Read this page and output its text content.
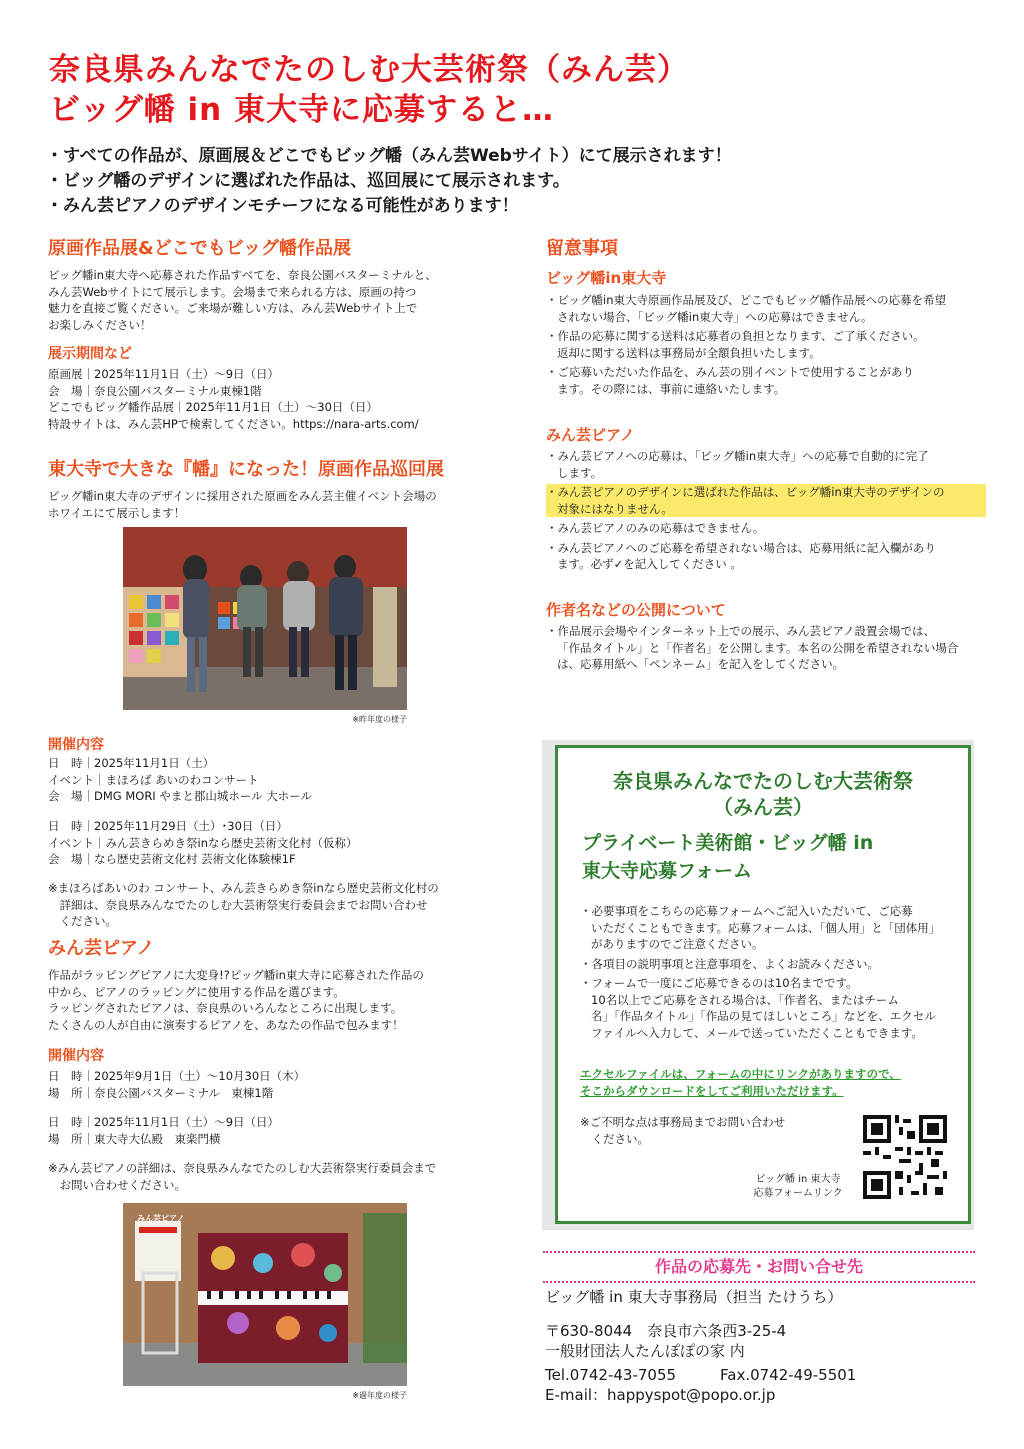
奈良県みんなでたのしむ大芸術祭（みん芸）
ビッグ幡 in 東大寺に応募すると…
・すべての作品が、原画展＆どこでもビッグ幡（みん芸Webサイト）にて展示されます！
・ビッグ幡のデザインに選ばれた作品は、巡回展にて展示されます。
・みん芸ピアノのデザインモチーフになる可能性があります！
原画作品展&どこでもビッグ幡作品展
ビッグ幡in東大寺へ応募された作品すべてを、奈良公園バスターミナルと、
みん芸Webサイトにて展示します。会場まで来られる方は、原画の持つ
魅力を直接ご覧ください。ご来場が難しい方は、みん芸Webサイト上で
お楽しみください！
展示期間など
原画展｜2025年11月1日（土）〜9日（日）
会　場｜奈良公園バスターミナル東棟1階
どこでもビッグ幡作品展｜2025年11月1日（土）〜30日（日）
特設サイトは、みん芸HPで検索してください。https://nara-arts.com/
東大寺で大きな『幡』になった！原画作品巡回展
ビッグ幡in東大寺のデザインに採用された原画をみん芸主催イベント会場の
ホワイエにて展示します！
※昨年度の様子
開催内容
日　時｜2025年11月1日（土）
イベント｜まほろば あいのわコンサート
会　場｜DMG MORI やまと郡山城ホール 大ホール
日　時｜2025年11月29日（土）･30日（日）
イベント｜みん芸きらめき祭inなら歴史芸術文化村（仮称）
会　場｜なら歴史芸術文化村 芸術文化体験棟1F
※まほろばあいのわ コンサート、みん芸きらめき祭inなら歴史芸術文化村の
　詳細は、奈良県みんなでたのしむ大芸術祭実行委員会までお問い合わせ
　ください。
みん芸ピアノ
作品がラッピングピアノに大変身!?ビッグ幡in東大寺に応募された作品の
中から、ピアノのラッピングに使用する作品を選びます。
ラッピングされたピアノは、奈良県のいろんなところに出現します。
たくさんの人が自由に演奏するピアノを、あなたの作品で包みます！
開催内容
日　時｜2025年9月1日（土）〜10月30日（木）
場　所｜奈良公園バスターミナル　東棟1階
日　時｜2025年11月1日（土）〜9日（日）
場　所｜東大寺大仏殿　東楽門横
※みん芸ピアノの詳細は、奈良県みんなでたのしむ大芸術祭実行委員会まで
　お問い合わせください。
みん芸ピアノ
※過年度の様子
留意事項
ビッグ幡in東大寺
・ビッグ幡in東大寺原画作品展及び、どこでもビッグ幡作品展への応募を希望
されない場合、「ビッグ幡in東大寺」への応募はできません。
・作品の応募に関する送料は応募者の負担となります、ご了承ください。
返却に関する送料は事務局が全額負担いたします。
・ご応募いただいた作品を、みん芸の別イベントで使用することがあり
ます。その際には、事前に連絡いたします。
みん芸ピアノ
・みん芸ピアノへの応募は、「ビッグ幡in東大寺」への応募で自動的に完了
します。
・みん芸ピアノのデザインに選ばれた作品は、ビッグ幡in東大寺のデザインの
対象にはなりません。
・みん芸ピアノのみの応募はできません。
・みん芸ピアノへのご応募を希望されない場合は、応募用紙に記入欄があり
ます。必ず✓を記入してください 。
作者名などの公開について
・作品展示会場やインターネット上での展示、みん芸ピアノ設置会場では、
「作品タイトル」と「作者名」を公開します。本名の公開を希望されない場合
は、応募用紙へ「ペンネーム」を記入をしてください。
奈良県みんなでたのしむ大芸術祭
（みん芸）
プライベート美術館・ビッグ幡 in
東大寺応募フォーム
・必要事項をこちらの応募フォームへご記入いただいて、ご応募
いただくこともできます。応募フォームは、「個人用」と「団体用」
がありますのでご注意ください。
・各項目の説明事項と注意事項を、よくお読みください。
・フォームで一度にご応募できるのは10名までです。
10名以上でご応募をされる場合は、「作者名、またはチーム
名」「作品タイトル」「作品の見てほしいところ」などを、エクセル
ファイルへ入力して、メールで送っていただくこともできます。
エクセルファイルは、フォームの中にリンクがありますので、
そこからダウンロードをしてご利用いただけます。
※ご不明な点は事務局までお問い合わせ
　ください。
ビッグ幡 in 東大寺
応募フォームリンク
作品の応募先・お問い合せ先
ビッグ幡 in 東大寺事務局（担当 たけうち）
〒630-8044　奈良市六条西3-25-4
一般財団法人たんぽぽの家 内
Tel.0742-43-7055	Fax.0742-49-5501
E-mail：happyspot@popo.or.jp
